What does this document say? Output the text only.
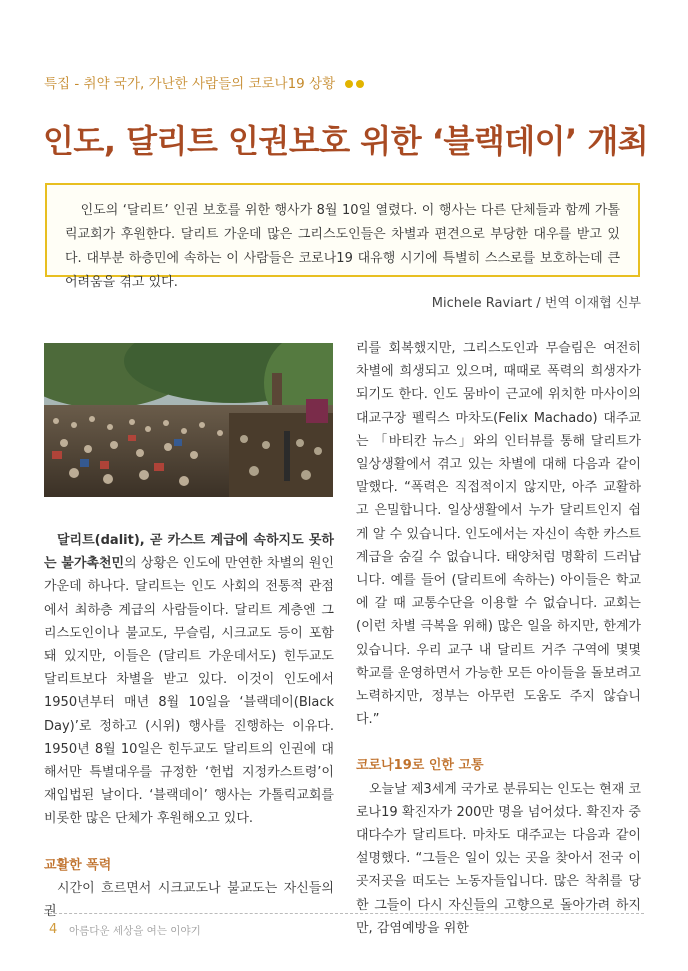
특집 - 취약 국가, 가난한 사람들의 코로나19 상황
인도, 달리트 인권보호 위한 ‘블랙데이’ 개최

인도의 ‘달리트’ 인권 보호를 위한 행사가 8월 10일 열렸다. 이 행사는 다른 단체들과 함께 가톨릭교회가 후원한다. 달리트 가운데 많은 그리스도인들은 차별과 편견으로 부당한 대우를 받고 있다. 대부분 하층민에 속하는 이 사람들은 코로나19 대유행 시기에 특별히 스스로를 보호하는데 큰 어려움을 겪고 있다.

Michele Raviart / 번역 이재협 신부

달리트(dalit), 곧 카스트 계급에 속하지도 못하는 불가촉천민의 상황은 인도에 만연한 차별의 원인 가운데 하나다. 달리트는 인도 사회의 전통적 관점에서 최하층 계급의 사람들이다. 달리트 계층엔 그리스도인이나 불교도, 무슬림, 시크교도 등이 포함돼 있지만, 이들은 (달리트 가운데서도) 힌두교도 달리트보다 차별을 받고 있다. 이것이 인도에서 1950년부터 매년 8월 10일을 ‘블랙데이(Black Day)’로 정하고 (시위) 행사를 진행하는 이유다. 1950년 8월 10일은 힌두교도 달리트의 인권에 대해서만 특별대우를 규정한 ‘헌법 지정카스트령’이 재입법된 날이다. ‘블랙데이’ 행사는 가톨릭교회를 비롯한 많은 단체가 후원해오고 있다.

교활한 폭력

시간이 흐르면서 시크교도나 불교도는 자신들의 권

리를 회복했지만, 그리스도인과 무슬림은 여전히 차별에 희생되고 있으며, 때때로 폭력의 희생자가 되기도 한다. 인도 뭄바이 근교에 위치한 마사이의 대교구장 펠릭스 마차도(Felix Machado) 대주교는 「바티칸 뉴스」와의 인터뷰를 통해 달리트가 일상생활에서 겪고 있는 차별에 대해 다음과 같이 말했다. “폭력은 직접적이지 않지만, 아주 교활하고 은밀합니다. 일상생활에서 누가 달리트인지 쉽게 알 수 있습니다. 인도에서는 자신이 속한 카스트 계급을 숨길 수 없습니다. 태양처럼 명확히 드러납니다. 예를 들어 (달리트에 속하는) 아이들은 학교에 갈 때 교통수단을 이용할 수 없습니다. 교회는 (이런 차별 극복을 위해) 많은 일을 하지만, 한계가 있습니다. 우리 교구 내 달리트 거주 구역에 몇몇 학교를 운영하면서 가능한 모든 아이들을 돌보려고 노력하지만, 정부는 아무런 도움도 주지 않습니다.”

코로나19로 인한 고통

오늘날 제3세계 국가로 분류되는 인도는 현재 코로나19 확진자가 200만 명을 넘어섰다. 확진자 중 대다수가 달리트다. 마차도 대주교는 다음과 같이 설명했다. “그들은 일이 있는 곳을 찾아서 전국 이곳저곳을 떠도는 노동자들입니다. 많은 착취를 당한 그들이 다시 자신들의 고향으로 돌아가려 하지만, 감염예방을 위한

4 아름다운 세상을 여는 이야기
